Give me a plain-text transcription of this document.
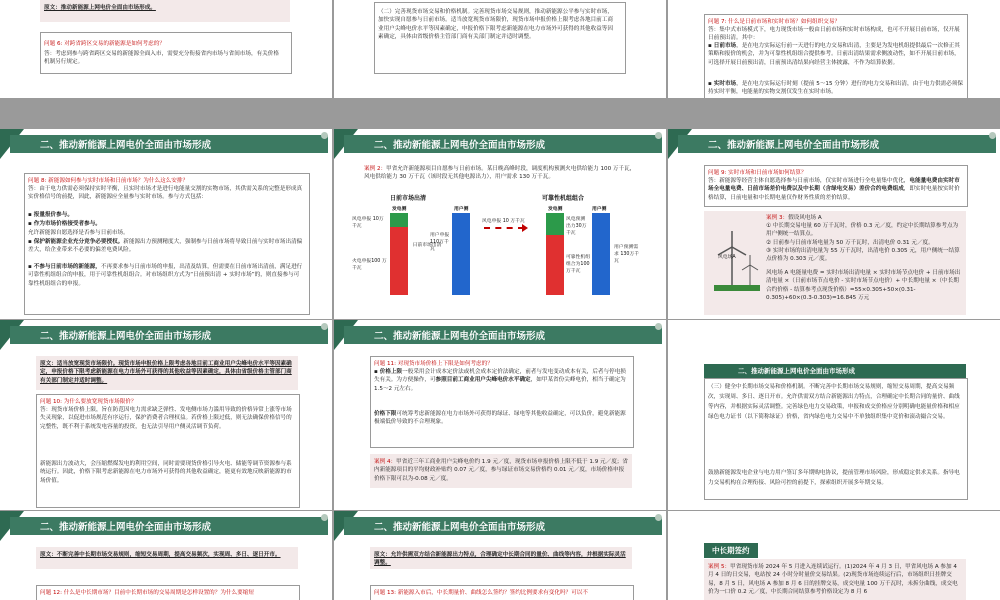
原文：推动新能源上网电价全面由市场形成。
问题 6: 对跨省跨区交易的新能源是如何考虑的？
答：考虑到参与跨省跨区交易的新能源全面入市，需要充分衔接省内市场与省间市场，有关价格机制另行规定。
（二）完善现货市场交易和价格机制。完善现货市场交易规则，推动新能源公平参与实时市场，加快实现自愿参与日前市场。适当放宽现货市场限价，现货市场申报价格上限考虑各地目前工商业用户尖峰电价水平等因素确定，申报价格下限考虑新能源在电力市场外可获得的其他收益等因素确定，具体由省级价格主管部门商有关部门制定并适时调整。
问题 7: 什么是日前市场和实时市场？如何组织交易？
答：集中式市场模式下，电力现货市场一般由日前市场和实时市场构成，也可不开展日前市场，仅开展日前预出清。其中：
▪ 日前市场，是在电力实际运行前一天进行的电力交易和出清，主要是为发电机组提供最后一次修正其策略和报价的机会，并为可靠性机组组合提供参考。日前出清结果需求侧波动性，如不开展日前市场，可选择开展日前预出清，日前预出清结果向经营主体披露，不作为结算依据。
▪ 实时市场，是在电力实际运行时刻（提前 5～15 分钟）进行的电力交易和出清，由于电力供需必须保持实时平衡，电能量的实物交割仅发生在实时市场。
二、推动新能源上网电价全面由市场形成
问题 8: 新能源如何参与实时市场和日前市场？为什么这么安排？
答：由于电力供需必须保持实时平衡，且实时市场才是进行电能量交割的实物市场，其供需关系的完整是形成真实价格信号的前提，因此，新能源应全量参与实时市场。参与方式包括：
▪ 报量报价参与。
▪ 作为市场价格接受者参与。
允许新能源自愿选择是否参与日前市场。
▪ 保护新能源企业充分竞争必要授权。新能源出力预测精度大，强制参与日前市场将导致日前与实时市场出清偏差大，给企业带来不必要的偏差电费风险。
▪ 不参与日前市场的新能源，不再要求参与日前市场的申报，出清及结算，但需要在日前市场出清前，满足进行可靠性机组组合的申报，用于可靠性机组组合。对市场组织方式为“日前预出清 + 实时市场”的，则直接参与可靠性机组组合的申报。
二、推动新能源上网电价全面由市场形成
案例 2：甲省允许新能源项目自愿参与日前市场。某日晚高峰时段，调度机构预测火电供给能力 100 万千瓦，风电供给能力 30 万千瓦（该时段无其他电源出力），用户需求 130 万千瓦。
日前市场出清	可靠性机组组合
发电侧	用户侧
风电申报 10万千瓦
火电申报100 万千瓦
日前市场出清
用户申报 110万千瓦
风电申报 10 万千瓦
发电侧	用户侧
风电预测出力30万千瓦
可靠性机组组合为100万千瓦
用户预测需求 130万千瓦
二、推动新能源上网电价全面由市场形成
问题 9: 实时市场和日前市场如何结算？
答：新能源等经营主体自愿选择参与日前市场，仅实时市场进行全电量集中优化，电能量电费由实时市场全电量电费、日前市场差价电费以及中长期（含绿电交易）差价合约电费组成，即实时电量按实时价格结算，日前电量和中长期电量仅作财务性质的差价结算。
案例 3：假设风电场 A
① 中长期交易电量 60 万千瓦时，价格 0.3 元／度，约定中长期结算参考点为用户侧统一结算点。
② 日前参与日前市场电量为 50 万千瓦时，出清电价 0.31 元／度。
③ 实时市场的出清电量为 55 万千瓦时，出清电价 0.305 元，用户侧统一结算点价格为 0.303 元／度。
风电场 A 电能量电费 = 实时市场出清电量 × 实时市场节点电价 + 日前市场出清电量 ×（日前市场节点电价 - 实时市场节点电价）+ 中长期电量 ×（中长期合约价格 - 结算参考点现货价格）=55×0.305+50×(0.31-0.305)+60×(0.3-0.303)=16.845 万元
风电场A
二、推动新能源上网电价全面由市场形成
原文：适当放宽现货市场限价。现货市场申报价格上限考虑各地目前工商业用户尖峰电价水平等因素确定，申报价格下限考虑新能源在电力市场外可获得的其他收益等因素确定，具体由省级价格主管部门商有关部门制定并适时调整。
问题 10: 为什么要放宽现货市场限价？
答：现货市场价格上限，旨在防范因电力需求缺乏弹性、发电侧市场力滥用导致的价格异常上涨等市场失灵现象，以促进市场规范有序运行，保护消费者合理权益。若价格上限过低，则无法确保价格信号的完整性，既不利于系统发电容量的投资，也无法引导用户侧灵活调节负荷。
新能源出力波动大，会压缩燃煤发电的利用空间，同时需要现货价格引导火电、储能等调节资源参与系统运行。因此，价格下限考虑新能源在电力市场外可获得的其他收益确定，能更有效地反映新能源的市场价值。
二、推动新能源上网电价全面由市场形成
问题 11: 对现货市场价格上下限是如何考虑的？
▪ 价格上限一般采用会计成本定价法或机会成本定价法确定，前者与发电变动成本有关，后者与停电损失有关。为方便操作，可参照目前工商业用户尖峰电价水平确定，如甲某省份尖峰电价，相当于确定为1.5～2 元左右。
价格下限可统筹考虑新能源在电力市场外可获得的绿证、绿电等其他收益确定，可以负价，避免新能源极端低价导致的不合理现象。
案例 4：甲省近三年工商业用户尖峰电价约 1.9 元／度，现货市场申报价格上限不低于 1.9 元／度；省内新能源项目的平均财政补贴约 0.07 元／度，参与绿证市场交易价格约 0.01 元／度，市场价格申报价格下限可以为-0.08 元／度。
二、推动新能源上网电价全面由市场形成
（三）健全中长期市场交易和价格机制。不断完善中长期市场交易规则，缩短交易周期，提高交易频次，实现周、多日、逐日开市。允许供需双方结合新能源出力特点，合理确定中长期合同的量价、曲线等内容，并根据实际灵活调整。完善绿色电力交易政策，申报和成交价格应分别明确电能量价格和相应绿色电力证书（以下简称绿证）价格，省内绿色电力交易中不单独组织集中竞价和滚动撮合交易。
鼓励新能源发电企业与电力用户签订多年期购电协议，提前管理市场风险，形成稳定供求关系。指导电力交易机构在合理衔接、风险可控的前提下，探索组织开展多年期交易。
二、推动新能源上网电价全面由市场形成
原文：不断完善中长期市场交易规则，缩短交易周期，提高交易频次，实现周、多日、逐日开市。
问题 12: 什么是中长期市场？目前中长期市场的交易周期是怎样设置的？为什么要缩短
二、推动新能源上网电价全面由市场形成
原文：允许供需双方结合新能源出力特点，合理确定中长期合同的量价、曲线等内容，并根据实际灵活调整。
问题 13: 新能源入市后，中长期量价、曲线怎么签约？签约比例要求有变化吗？可以不
中长期签约
案例 5：甲省现货市场 2024 年 5 月进入连续试运行。(1)2024 年 4 月 3 日，甲省风电场 A 参加 4 月 4 日的日交易，电站按 24 小时分时量价交易结果。(2)现货市场连续运行后，市场组织日挂牌交易，8 月 5 日，风电场 A 参加 8 月 6 日的挂牌交易，成交电量 100 万千瓦时，未拆分曲线，成交电价为一口价 0.2 元／度，中长期合同结算参考价格设定为 8 月 6
